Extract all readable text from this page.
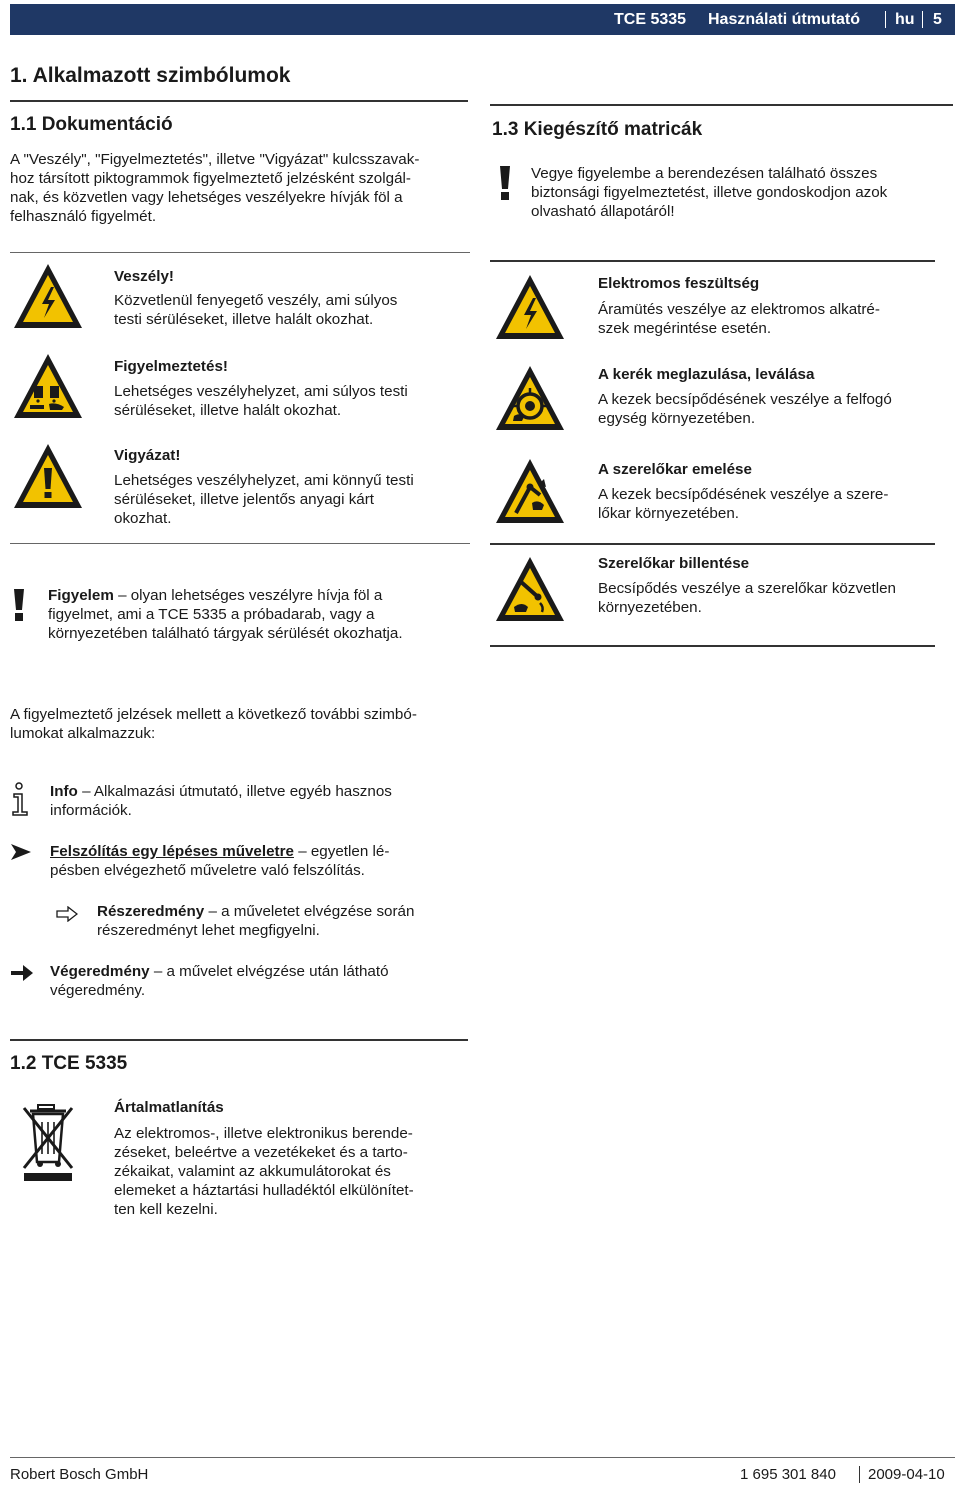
TCE 5335 Használati útmutató hu 5
1. Alkalmazott szimbólumok
1.1 Dokumentáció
A "Veszély", "Figyelmeztetés", illetve "Vigyázat" kulcsszavak-
hoz társított piktogrammok figyelmeztető jelzésként szolgál-
nak, és közvetlen vagy lehetséges veszélyekre hívják föl a
felhasználó figyelmét.
1.3 Kiegészítő matricák
Vegye figyelembe a berendezésen található összes
biztonsági figyelmeztetést, illetve gondoskodjon azok
olvasható állapotáról!
Veszély!
Közvetlenül fenyegető veszély, ami súlyos
testi sérüléseket, illetve halált okozhat.
Figyelmeztetés!
Lehetséges veszélyhelyzet, ami súlyos testi
sérüléseket, illetve halált okozhat.
Vigyázat!
Lehetséges veszélyhelyzet, ami könnyű testi
sérüléseket, illetve jelentős anyagi kárt
okozhat.
Figyelem – olyan lehetséges veszélyre hívja föl a
figyelmet, ami a TCE 5335 a próbadarab, vagy a
környezetében található tárgyak sérülését okozhatja.
Elektromos feszültség
Áramütés veszélye az elektromos alkatré-
szek megérintése esetén.
A kerék meglazulása, leválása
A kezek becsípődésének veszélye a felfogó
egység környezetében.
A szerelőkar emelése
A kezek becsípődésének veszélye a szere-
lőkar környezetében.
Szerelőkar billentése
Becsípődés veszélye a szerelőkar közvetlen
környezetében.
A figyelmeztető jelzések mellett a következő további szimbó-
lumokat alkalmazzuk:
Info – Alkalmazási útmutató, illetve egyéb hasznos
információk.
Felszólítás egy lépéses műveletre – egyetlen lé-
pésben elvégezhető műveletre való felszólítás.
Részeredmény – a műveletet elvégzése során
részeredményt lehet megfigyelni.
Végeredmény – a művelet elvégzése után látható
végeredmény.
1.2 TCE 5335
Ártalmatlanítás
Az elektromos-, illetve elektronikus berende-
zéseket, beleértve a vezetékeket és a tarto-
zékaikat, valamint az akkumulátorokat és
elemeket a háztartási hulladéktól elkülönítet-
ten kell kezelni.
Robert Bosch GmbH	1 695 301 840 2009-04-10
